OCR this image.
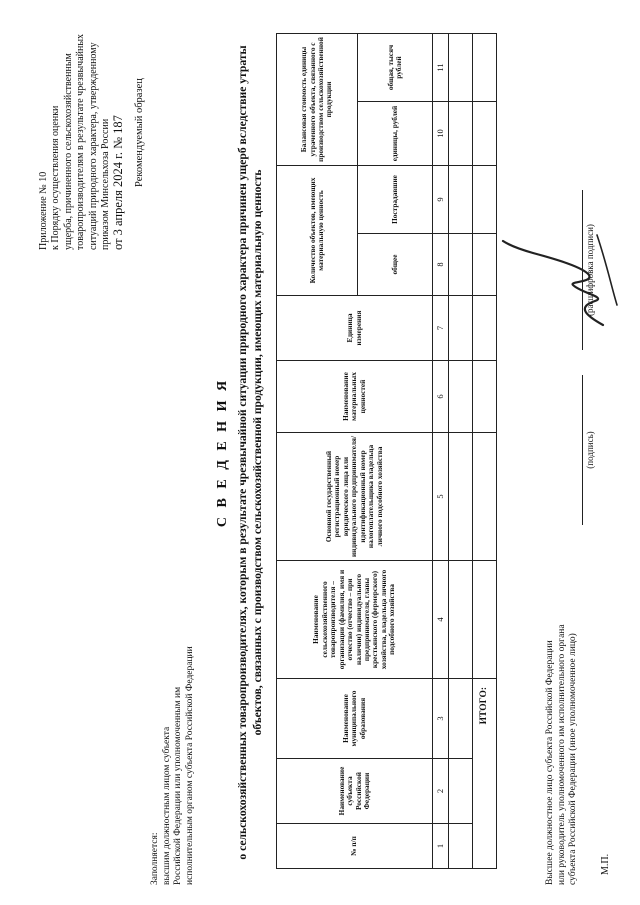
Приложение № 10 к Порядку осуществления оценки ущерба, причиненного сельскохозяйственным товаропроизводителям в результате чрезвычайных ситуаций природного характера, утвержденному приказом Минсельхоза России от 3 апреля 2024 г. № 187 Рекомендуемый образец
Заполняется: высшим должностным лицом субъекта Российской Федерации или уполномоченным им исполнительным органом субъекта Российской Федерации
С В Е Д Е Н И Я о сельскохозяйственных товаропроизводителях, которым в результате чрезвычайной ситуации природного характера причинен ущерб вследствие утраты объектов, связанных с производством сельскохозяйственной продукции, имеющих материальную ценность
№ п/п	Наименование субъекта Российской Федерации	Наименование муниципального образования	Наименование сельскохозяйственного товаропроизводителя – организации (фамилия, имя и отчество (отчество – при наличии) индивидуального предпринимателя, главы крестьянского (фермерского) хозяйства, владельца личного подсобного хозяйства	Основной государственный регистрационный номер юридического лица или индивидуального предпринимателя/ идентификационный номер налогоплательщика владельца личного подсобного хозяйства	Наименование материальных ценностей	Единица измерения	Количество объектов, имеющих материальную ценность		Балансовая стоимость единицы утраченного объекта, связанного с производством сельскохозяйственной продукции	
							общее	Пострадавшие	единицы, рублей	общая, тысяч рублей
1	2	3	4	5	6	7	8	9	10	11

ИТОГО:											Высшее должностное лицо субъекта Российской Федерации или руководитель уполномоченного им исполнительного органа субъекта Российской Федерации (иное уполномоченное лицо)
(подпись)
(расшифровка подписи)
М.П.
